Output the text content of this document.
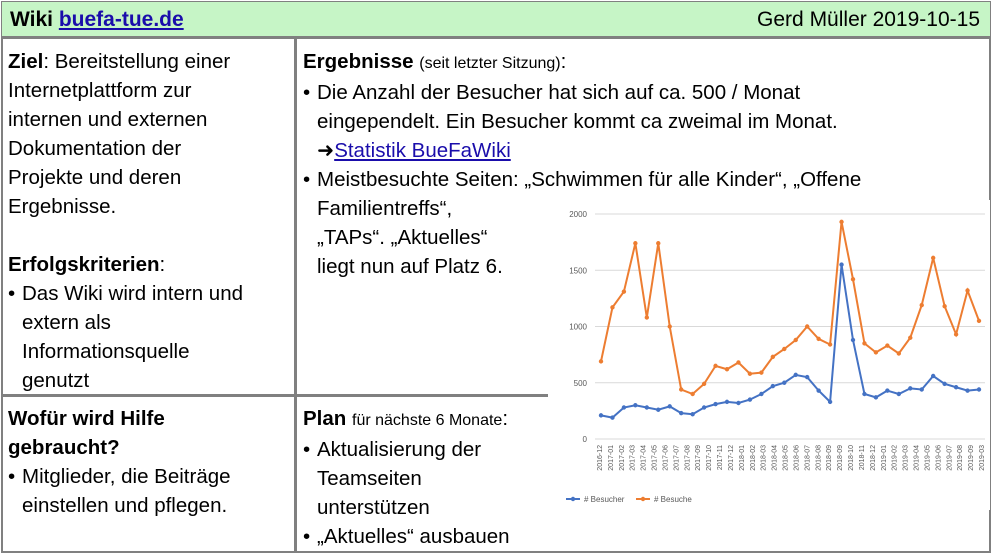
Wiki buefa-tue.de	Gerd Müller 2019-10-15
Ziel: Bereitstellung einer
Internetplattform zur
internen und externen
Dokumentation der
Projekte und deren
Ergebnisse.
Erfolgskriterien:
• Das Wiki wird intern und
extern als
Informationsquelle
genutzt
Ergebnisse (seit letzter Sitzung):
• Die Anzahl der Besucher hat sich auf ca. 500 / Monat
eingependelt. Ein Besucher kommt ca zweimal im Monat.
➜Statistik BueFaWiki
• Meistbesuchte Seiten: „Schwimmen für alle Kinder“, „Offene
Familientreffs“,
„TAPs“. „Aktuelles“
liegt nun auf Platz 6.
Wofür wird Hilfe
gebraucht?
• Mitglieder, die Beiträge
einstellen und pflegen.
Plan für nächste 6 Monate:
• Aktualisierung der
Teamseiten
unterstützen
• „Aktuelles“ ausbauen
0
500
1000
1500
2000
2016-12 2017-01 2017-02 2017-03 2017-04 2017-05 2017-06 2017-07 2017-08 2017-09 2017-10 2017-11 2017-12 2018-01 2018-02 2018-03 2018-04 2018-05 2018-06 2018-07 2018-08 2018-09 2018-09 2018-10 2018-11 2018-12 2019-01 2019-02 2019-03 2019-04 2019-05 2019-06 2019-07 2019-08 2019-09 2019-03
# Besucher	# Besuche
